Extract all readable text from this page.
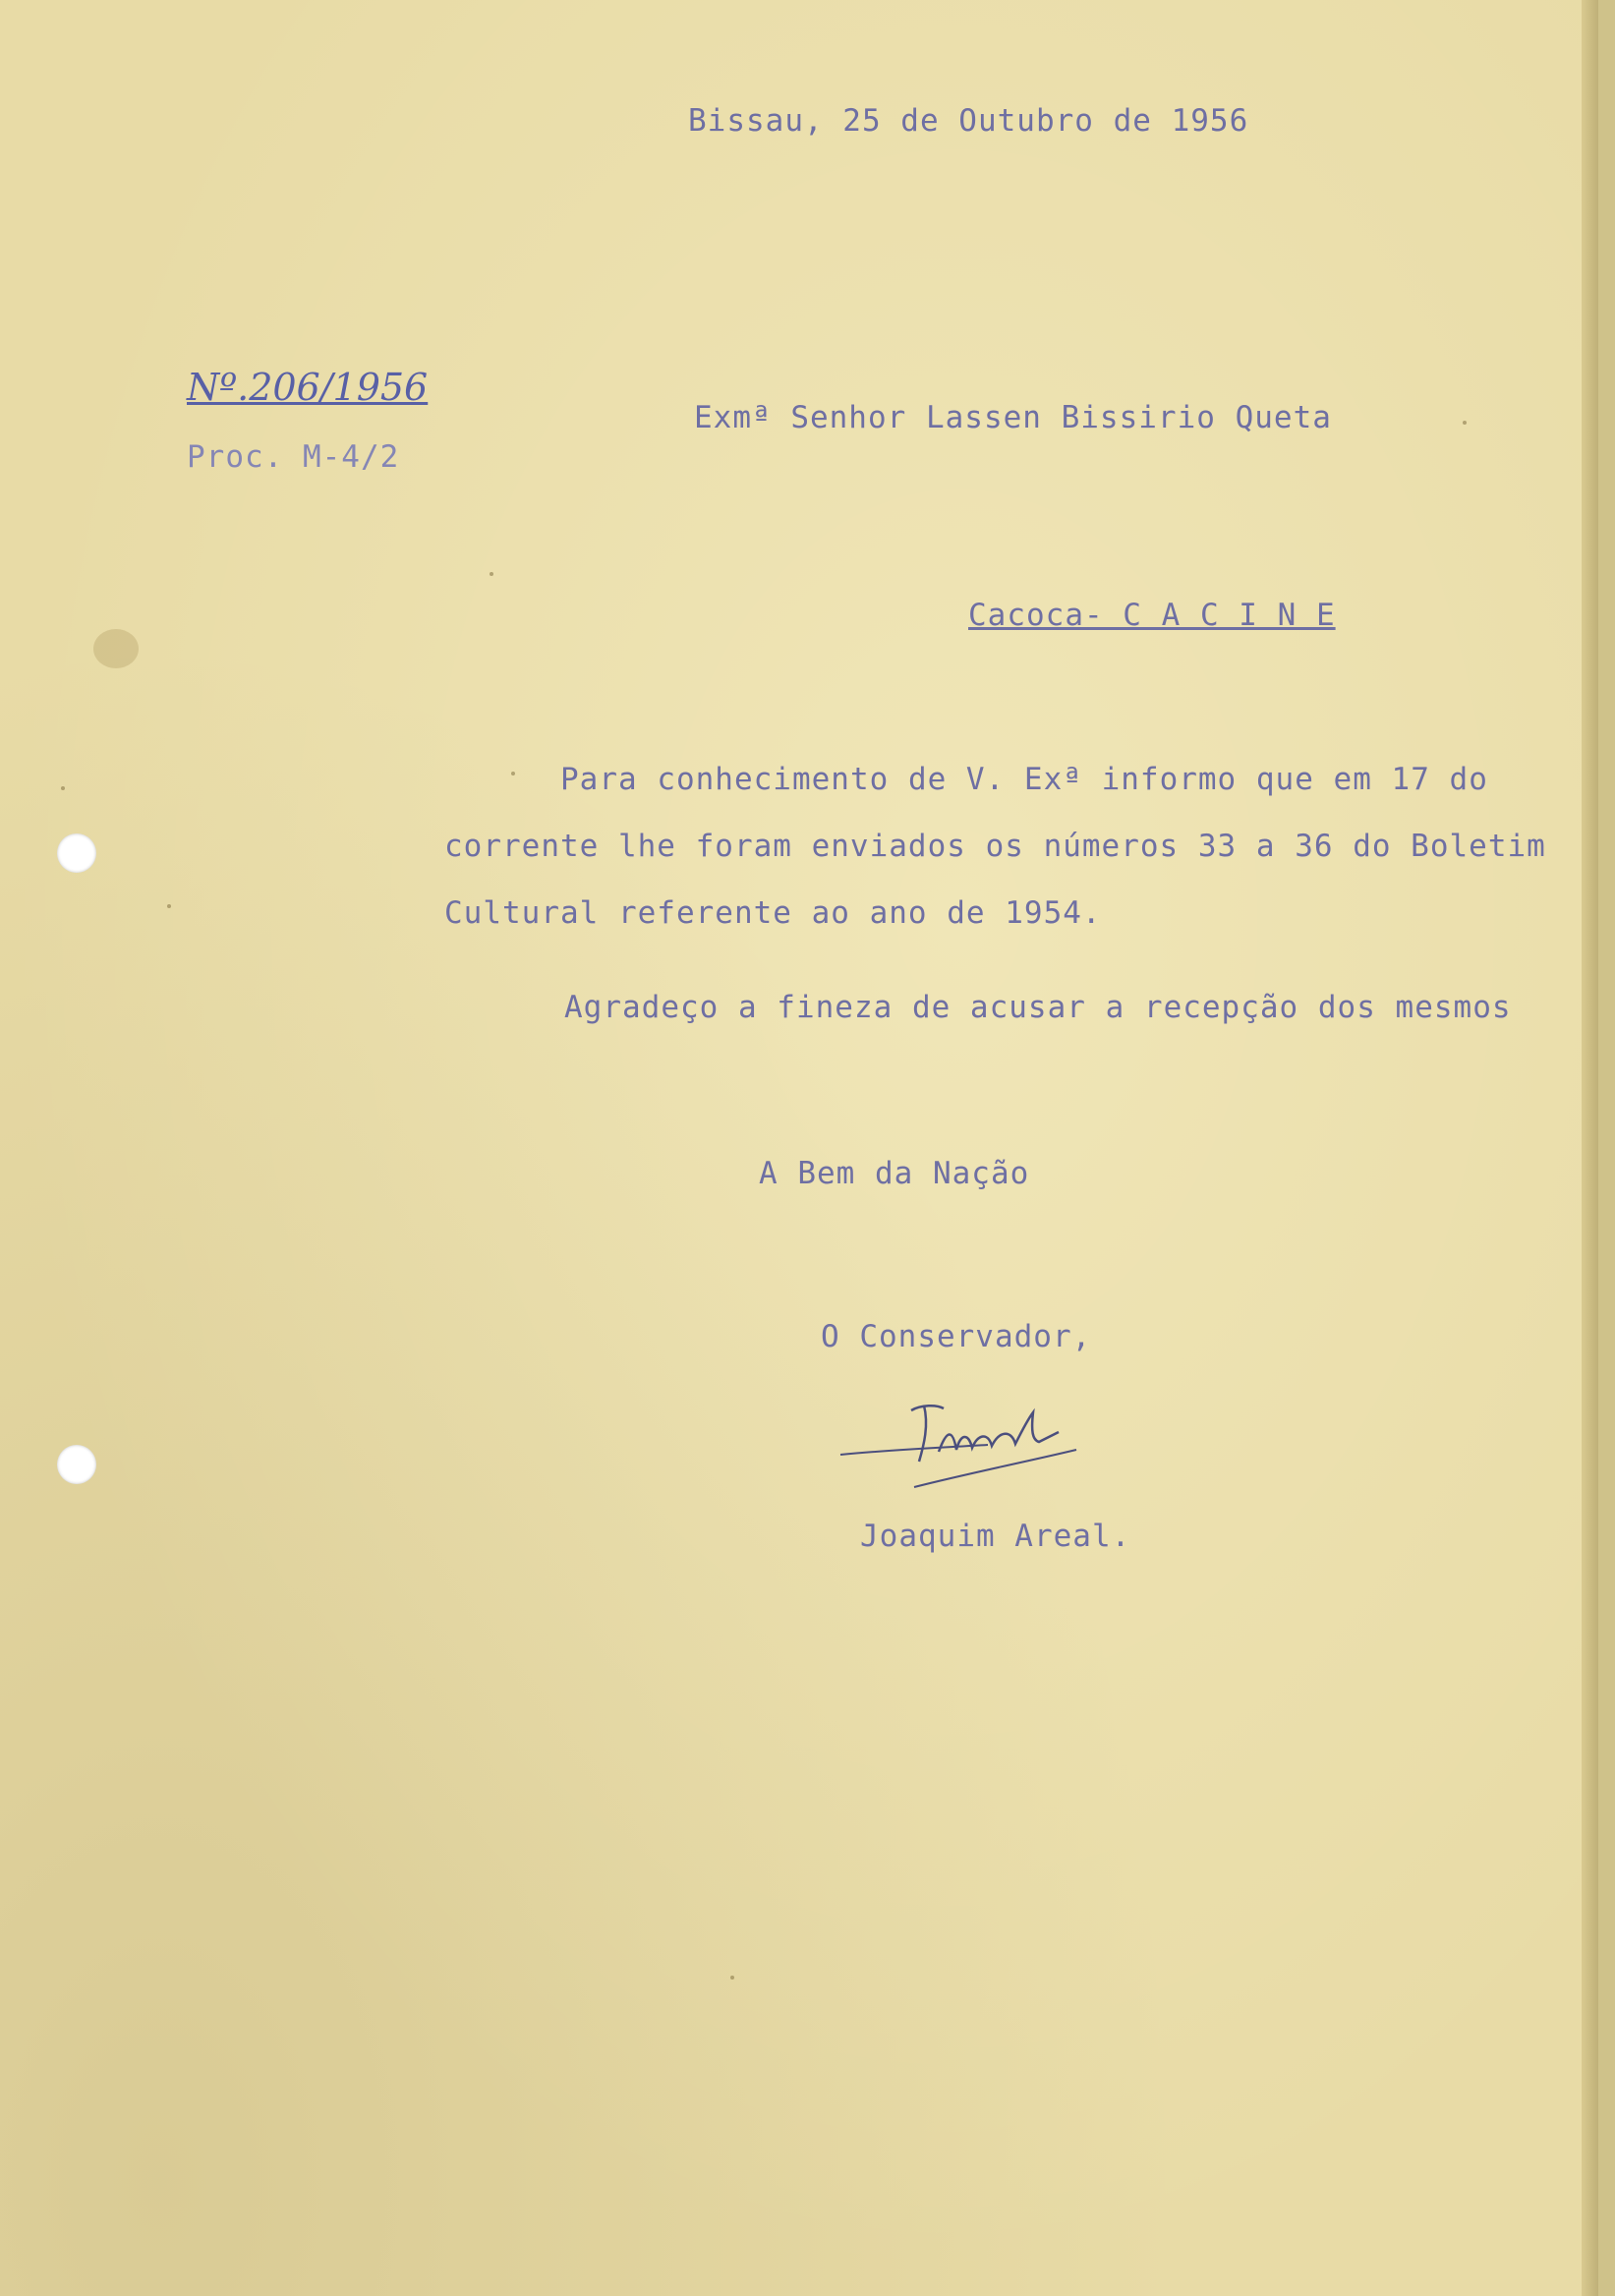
Bissau, 25 de Outubro de 1956
Nº.206/1956
Proc. M-4/2
Exmª Senhor Lassen Bissirio Queta
Cacoca- C A C I N E
Para conhecimento de V. Exª informo que em 17 do
corrente lhe foram enviados os números 33 a 36 do Boletim
Cultural referente ao ano de 1954.
Agradeço a fineza de acusar a recepção dos mesmos
A Bem da Nação
O Conservador,
Joaquim Areal.
